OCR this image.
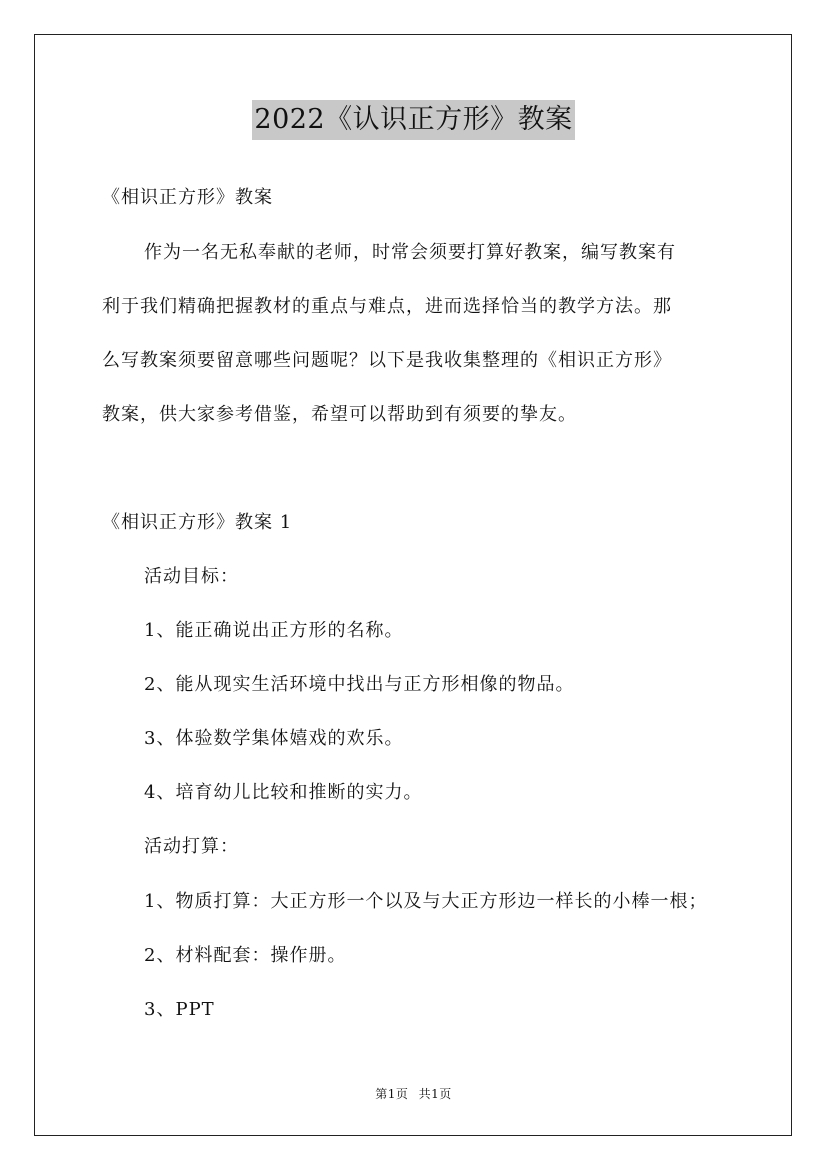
2022《认识正方形》教案
《相识正方形》教案
作为一名无私奉献的老师，时常会须要打算好教案，编写教案有
利于我们精确把握教材的重点与难点，进而选择恰当的教学方法。那
么写教案须要留意哪些问题呢？以下是我收集整理的《相识正方形》
教案，供大家参考借鉴，希望可以帮助到有须要的挚友。
《相识正方形》教案 1
活动目标：
1、能正确说出正方形的名称。
2、能从现实生活环境中找出与正方形相像的物品。
3、体验数学集体嬉戏的欢乐。
4、培育幼儿比较和推断的实力。
活动打算：
1、物质打算：大正方形一个以及与大正方形边一样长的小棒一根；
2、材料配套：操作册。
3、PPT
第1页 共1页
